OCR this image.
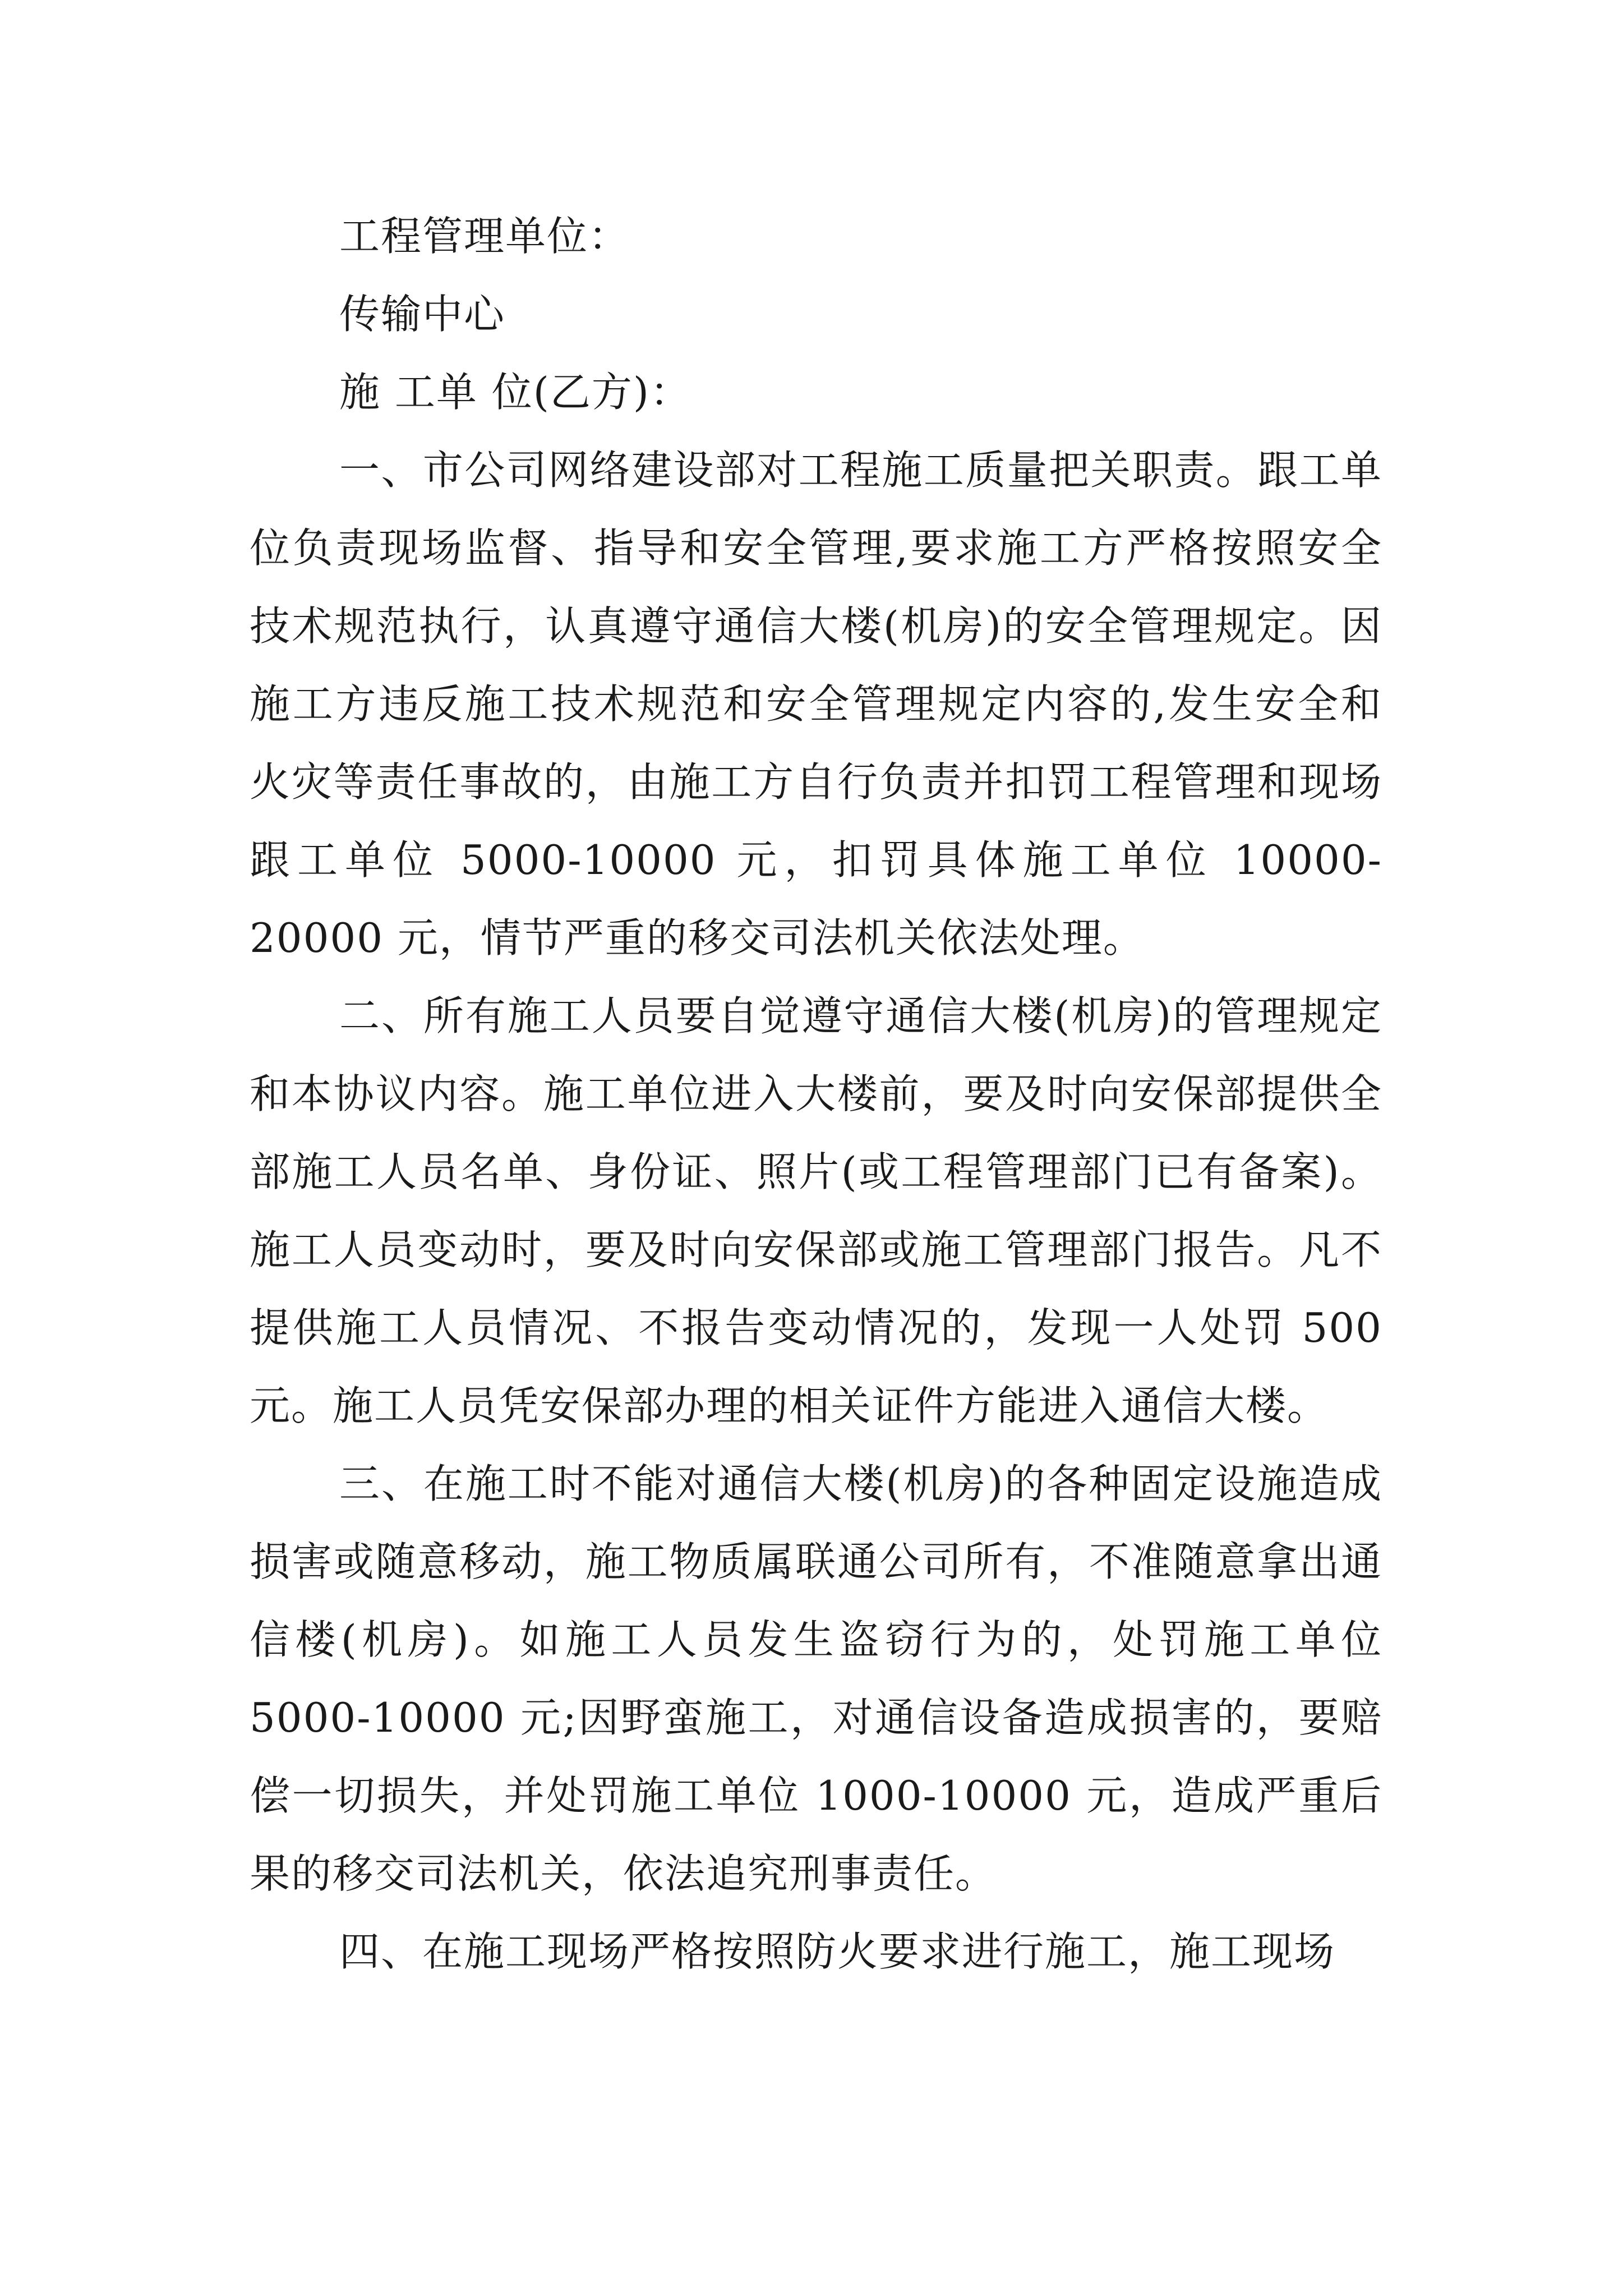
工程管理单位：

传输中心

施 工单 位(乙方)：

一、市公司网络建设部对工程施工质量把关职责。跟工单位负责现场监督、指导和安全管理,要求施工方严格按照安全技术规范执行，认真遵守通信大楼(机房)的安全管理规定。因施工方违反施工技术规范和安全管理规定内容的,发生安全和火灾等责任事故的，由施工方自行负责并扣罚工程管理和现场跟工单位 5000-10000 元，扣罚具体施工单位 10000-20000 元，情节严重的移交司法机关依法处理。

二、所有施工人员要自觉遵守通信大楼(机房)的管理规定和本协议内容。施工单位进入大楼前，要及时向安保部提供全部施工人员名单、身份证、照片(或工程管理部门已有备案)。施工人员变动时，要及时向安保部或施工管理部门报告。凡不提供施工人员情况、不报告变动情况的，发现一人处罚 500 元。施工人员凭安保部办理的相关证件方能进入通信大楼。

三、在施工时不能对通信大楼(机房)的各种固定设施造成损害或随意移动，施工物质属联通公司所有，不准随意拿出通信楼(机房)。如施工人员发生盗窃行为的，处罚施工单位 5000-10000 元;因野蛮施工，对通信设备造成损害的，要赔偿一切损失，并处罚施工单位 1000-10000 元，造成严重后果的移交司法机关，依法追究刑事责任。

四、在施工现场严格按照防火要求进行施工，施工现场
